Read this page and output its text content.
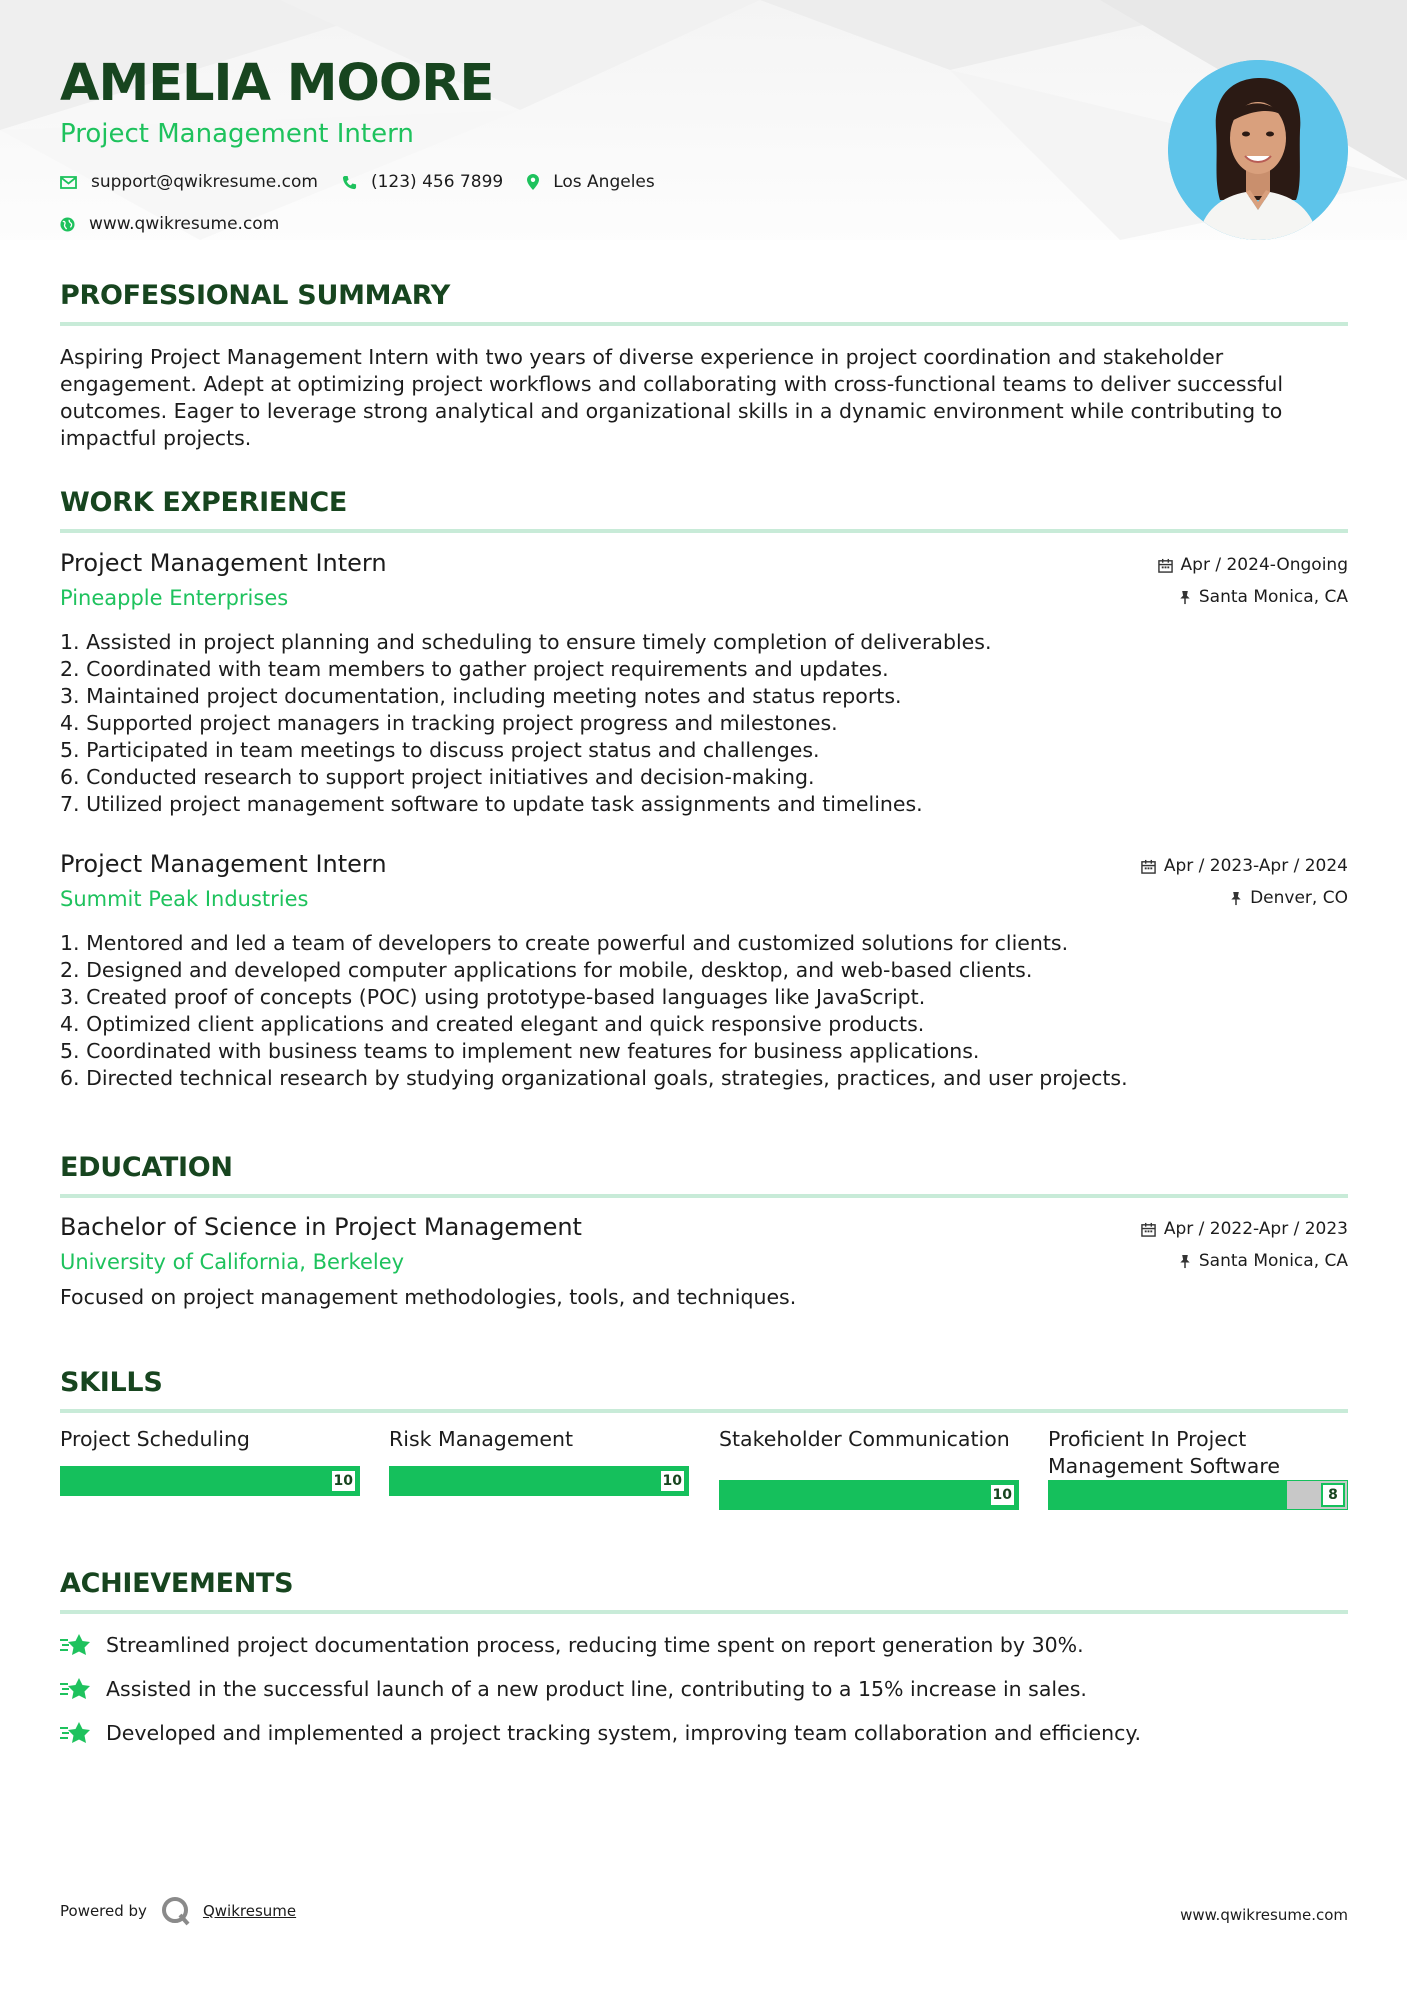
AMELIA MOORE
Project Management Intern
support@qwikresume.com	(123) 456 7899	Los Angeles
www.qwikresume.com
PROFESSIONAL SUMMARY

Aspiring Project Management Intern with two years of diverse experience in project coordination and stakeholder engagement. Adept at optimizing project workflows and collaborating with cross-functional teams to deliver successful outcomes. Eager to leverage strong analytical and organizational skills in a dynamic environment while contributing to impactful projects.

WORK EXPERIENCE
Project Management Intern
Pineapple Enterprises
Apr / 2024-Ongoing
Santa Monica, CA
1. Assisted in project planning and scheduling to ensure timely completion of deliverables.
2. Coordinated with team members to gather project requirements and updates.
3. Maintained project documentation, including meeting notes and status reports.
4. Supported project managers in tracking project progress and milestones.
5. Participated in team meetings to discuss project status and challenges.
6. Conducted research to support project initiatives and decision-making.
7. Utilized project management software to update task assignments and timelines.
Project Management Intern
Summit Peak Industries
Apr / 2023-Apr / 2024
Denver, CO
1. Mentored and led a team of developers to create powerful and customized solutions for clients.
2. Designed and developed computer applications for mobile, desktop, and web-based clients.
3. Created proof of concepts (POC) using prototype-based languages like JavaScript.
4. Optimized client applications and created elegant and quick responsive products.
5. Coordinated with business teams to implement new features for business applications.
6. Directed technical research by studying organizational goals, strategies, practices, and user projects.
EDUCATION
Bachelor of Science in Project Management
University of California, Berkeley
Apr / 2022-Apr / 2023
Santa Monica, CA
Focused on project management methodologies, tools, and techniques.
SKILLS
Project Scheduling
10
Risk Management
10
Stakeholder Communication
10
Proficient In Project Management Software
8
ACHIEVEMENTS
Streamlined project documentation process, reducing time spent on report generation by 30%.
Assisted in the successful launch of a new product line, contributing to a 15% increase in sales.
Developed and implemented a project tracking system, improving team collaboration and efficiency.
Powered by	Qwikresume	www.qwikresume.com
